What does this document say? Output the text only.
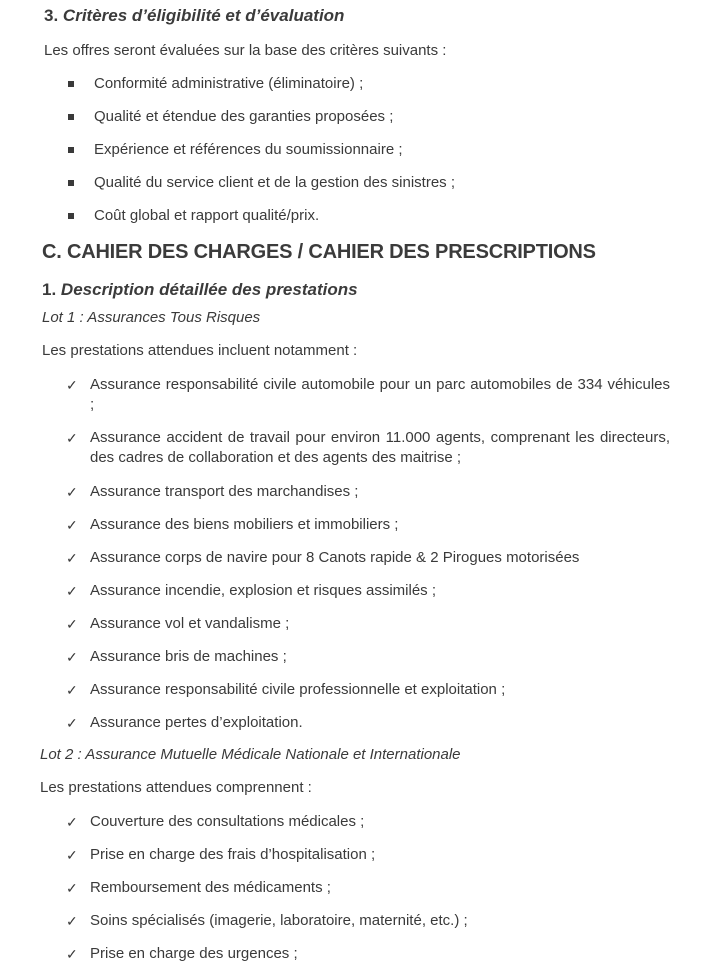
3. Critères d’éligibilité et d’évaluation
Les offres seront évaluées sur la base des critères suivants :
Conformité administrative (éliminatoire) ;
Qualité et étendue des garanties proposées ;
Expérience et références du soumissionnaire ;
Qualité du service client et de la gestion des sinistres ;
Coût global et rapport qualité/prix.
C. CAHIER DES CHARGES / CAHIER DES PRESCRIPTIONS
1. Description détaillée des prestations
Lot 1 : Assurances Tous Risques
Les prestations attendues incluent notamment :
✓ Assurance responsabilité civile automobile pour un parc automobiles de 334 véhicules ;
✓ Assurance accident de travail pour environ 11.000 agents, comprenant les directeurs, des cadres de collaboration et des agents des maitrise ;
✓ Assurance transport des marchandises ;
✓ Assurance des biens mobiliers et immobiliers ;
✓ Assurance corps de navire pour 8 Canots rapide & 2 Pirogues motorisées
✓ Assurance incendie, explosion et risques assimilés ;
✓ Assurance vol et vandalisme ;
✓ Assurance bris de machines ;
✓ Assurance responsabilité civile professionnelle et exploitation ;
✓ Assurance pertes d’exploitation.
Lot 2 : Assurance Mutuelle Médicale Nationale et Internationale
Les prestations attendues comprennent :
✓ Couverture des consultations médicales ;
✓ Prise en charge des frais d’hospitalisation ;
✓ Remboursement des médicaments ;
✓ Soins spécialisés (imagerie, laboratoire, maternité, etc.) ;
✓ Prise en charge des urgences ;
